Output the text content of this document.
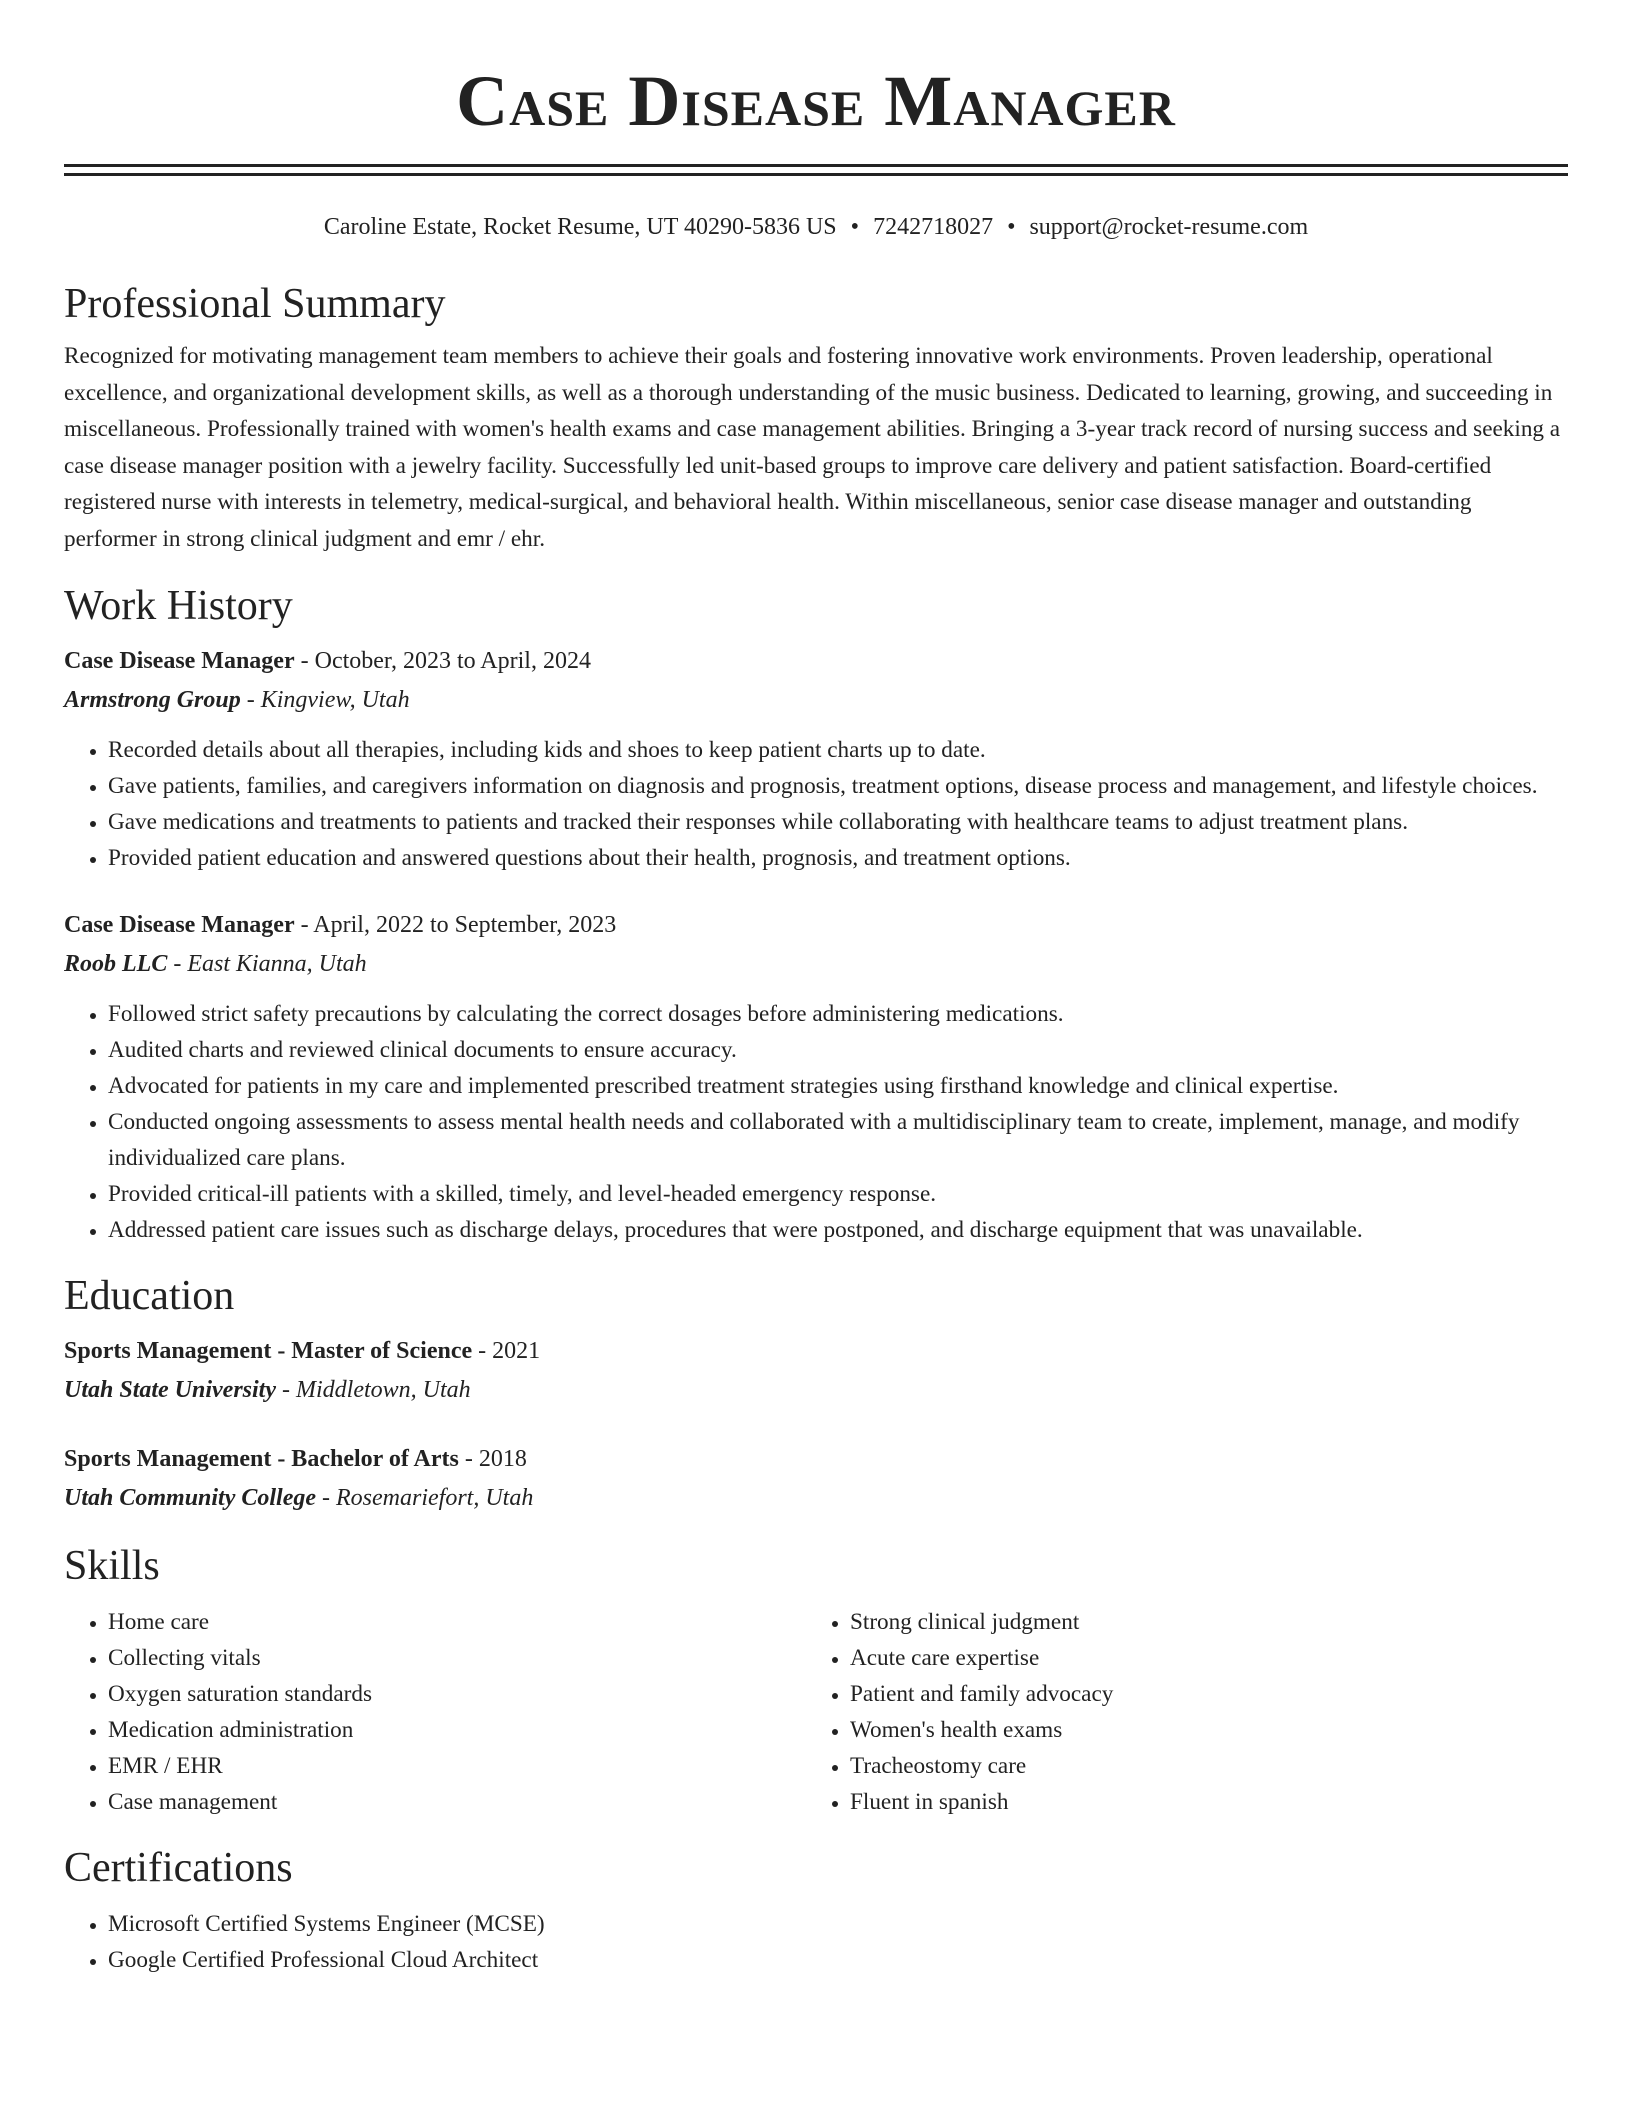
Case Disease Manager
Caroline Estate, Rocket Resume, UT 40290-5836 US • 7242718027 • support@rocket-resume.com
Professional Summary
Recognized for motivating management team members to achieve their goals and fostering innovative work environments. Proven leadership, operational excellence, and organizational development skills, as well as a thorough understanding of the music business. Dedicated to learning, growing, and succeeding in miscellaneous. Professionally trained with women's health exams and case management abilities. Bringing a 3-year track record of nursing success and seeking a case disease manager position with a jewelry facility. Successfully led unit-based groups to improve care delivery and patient satisfaction. Board-certified registered nurse with interests in telemetry, medical-surgical, and behavioral health. Within miscellaneous, senior case disease manager and outstanding performer in strong clinical judgment and emr / ehr.
Work History
Case Disease Manager - October, 2023 to April, 2024
Armstrong Group - Kingview, Utah
• Recorded details about all therapies, including kids and shoes to keep patient charts up to date.
• Gave patients, families, and caregivers information on diagnosis and prognosis, treatment options, disease process and management, and lifestyle choices.
• Gave medications and treatments to patients and tracked their responses while collaborating with healthcare teams to adjust treatment plans.
• Provided patient education and answered questions about their health, prognosis, and treatment options.
Case Disease Manager - April, 2022 to September, 2023
Roob LLC - East Kianna, Utah
• Followed strict safety precautions by calculating the correct dosages before administering medications.
• Audited charts and reviewed clinical documents to ensure accuracy.
• Advocated for patients in my care and implemented prescribed treatment strategies using firsthand knowledge and clinical expertise.
• Conducted ongoing assessments to assess mental health needs and collaborated with a multidisciplinary team to create, implement, manage, and modify individualized care plans.
• Provided critical-ill patients with a skilled, timely, and level-headed emergency response.
• Addressed patient care issues such as discharge delays, procedures that were postponed, and discharge equipment that was unavailable.
Education
Sports Management - Master of Science - 2021
Utah State University - Middletown, Utah
Sports Management - Bachelor of Arts - 2018
Utah Community College - Rosemariefort, Utah
Skills
• Home care
• Collecting vitals
• Oxygen saturation standards
• Medication administration
• EMR / EHR
• Case management
• Strong clinical judgment
• Acute care expertise
• Patient and family advocacy
• Women's health exams
• Tracheostomy care
• Fluent in spanish
Certifications
• Microsoft Certified Systems Engineer (MCSE)
• Google Certified Professional Cloud Architect
